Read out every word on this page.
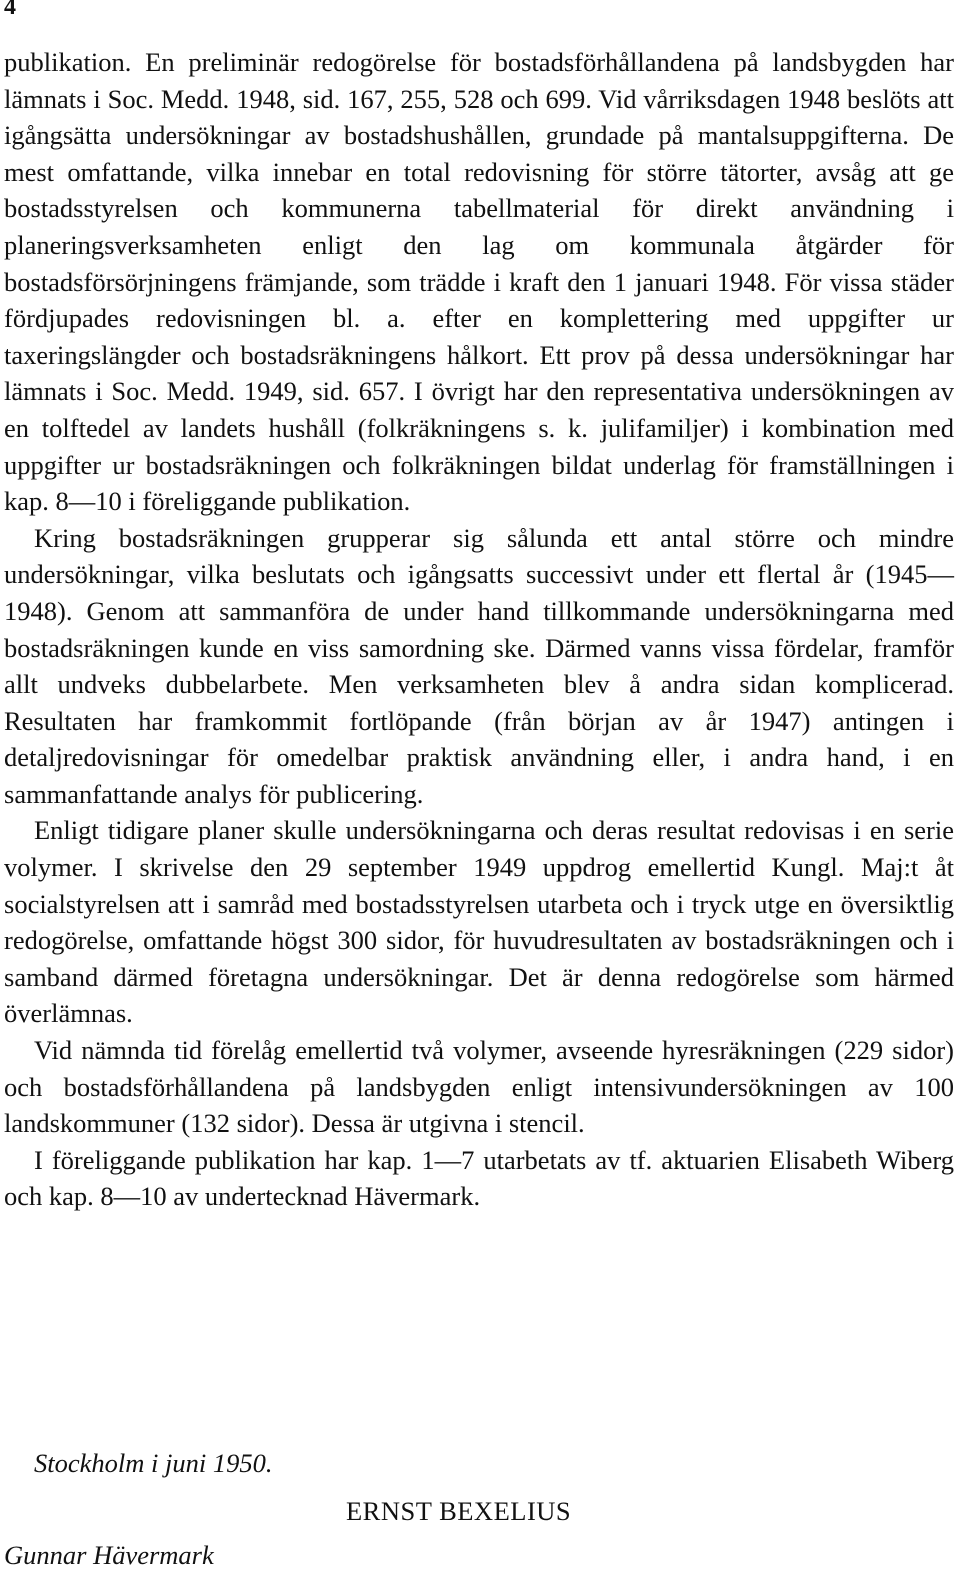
4

publikation. En preliminär redogörelse för bostadsförhållandena på landsbygden har lämnats i Soc. Medd. 1948, sid. 167, 255, 528 och 699. Vid vårriksdagen 1948 beslöts att igångsätta undersökningar av bostadshushållen, grundade på mantalsuppgifterna. De mest omfattande, vilka innebar en total redovisning för större tätorter, avsåg att ge bostadsstyrelsen och kommunerna tabellmaterial för direkt användning i planeringsverksamheten enligt den lag om kommunala åtgärder för bostadsförsörjningens främjande, som trädde i kraft den 1 januari 1948. För vissa städer fördjupades redovisningen bl. a. efter en komplettering med uppgifter ur taxeringslängder och bostadsräkningens hålkort. Ett prov på dessa undersökningar har lämnats i Soc. Medd. 1949, sid. 657. I övrigt har den representativa undersökningen av en tolftedel av landets hushåll (folkräkningens s. k. julifamiljer) i kombination med uppgifter ur bostadsräkningen och folkräkningen bildat underlag för framställningen i kap. 8—10 i föreliggande publikation.

Kring bostadsräkningen grupperar sig sålunda ett antal större och mindre undersökningar, vilka beslutats och igångsatts successivt under ett flertal år (1945—1948). Genom att sammanföra de under hand tillkommande undersökningarna med bostadsräkningen kunde en viss samordning ske. Därmed vanns vissa fördelar, framför allt undveks dubbelarbete. Men verksamheten blev å andra sidan komplicerad. Resultaten har framkommit fortlöpande (från början av år 1947) antingen i detaljredovisningar för omedelbar praktisk användning eller, i andra hand, i en sammanfattande analys för publicering.

Enligt tidigare planer skulle undersökningarna och deras resultat redovisas i en serie volymer. I skrivelse den 29 september 1949 uppdrog emellertid Kungl. Maj:t åt socialstyrelsen att i samråd med bostadsstyrelsen utarbeta och i tryck utge en översiktlig redogörelse, omfattande högst 300 sidor, för huvudresultaten av bostadsräkningen och i samband därmed företagna undersökningar. Det är denna redogörelse som härmed överlämnas.

Vid nämnda tid förelåg emellertid två volymer, avseende hyresräkningen (229 sidor) och bostadsförhållandena på landsbygden enligt intensivundersökningen av 100 landskommuner (132 sidor). Dessa är utgivna i stencil.

I föreliggande publikation har kap. 1—7 utarbetats av tf. aktuarien Elisabeth Wiberg och kap. 8—10 av undertecknad Hävermark.

Stockholm i juni 1950.
ERNST BEXELIUS
Gunnar Hävermark
